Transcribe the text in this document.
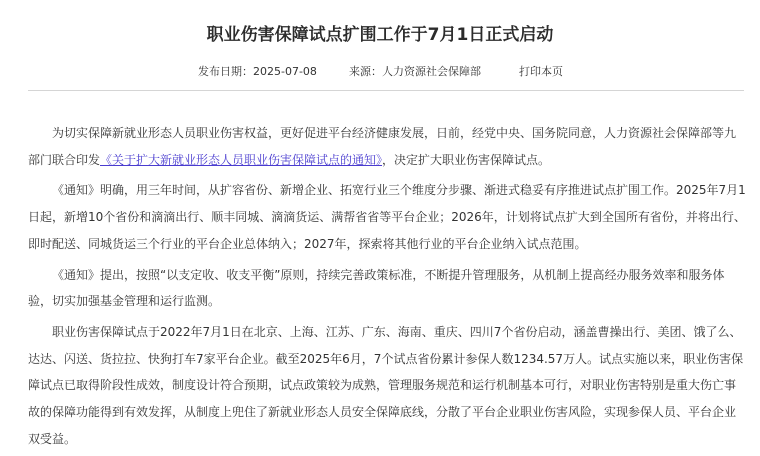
职业伤害保障试点扩围工作于7月1日正式启动
发布日期：2025-07-08	来源：人力资源社会保障部	打印本页

为切实保障新就业形态人员职业伤害权益，更好促进平台经济健康发展，日前，经党中央、国务院同意，人力资源社会保障部等九部门联合印发《关于扩大新就业形态人员职业伤害保障试点的通知》，决定扩大职业伤害保障试点。

《通知》明确，用三年时间，从扩容省份、新增企业、拓宽行业三个维度分步骤、渐进式稳妥有序推进试点扩围工作。2025年7月1日起，新增10个省份和滴滴出行、顺丰同城、滴滴货运、满帮省省等平台企业；2026年，计划将试点扩大到全国所有省份，并将出行、即时配送、同城货运三个行业的平台企业总体纳入；2027年，探索将其他行业的平台企业纳入试点范围。

《通知》提出，按照“以支定收、收支平衡”原则，持续完善政策标准，不断提升管理服务，从机制上提高经办服务效率和服务体验，切实加强基金管理和运行监测。

职业伤害保障试点于2022年7月1日在北京、上海、江苏、广东、海南、重庆、四川7个省份启动，涵盖曹操出行、美团、饿了么、达达、闪送、货拉拉、快狗打车7家平台企业。截至2025年6月，7个试点省份累计参保人数1234.57万人。试点实施以来，职业伤害保障试点已取得阶段性成效，制度设计符合预期，试点政策较为成熟，管理服务规范和运行机制基本可行，对职业伤害特别是重大伤亡事故的保障功能得到有效发挥，从制度上兜住了新就业形态人员安全保障底线，分散了平台企业职业伤害风险，实现参保人员、平台企业双受益。
